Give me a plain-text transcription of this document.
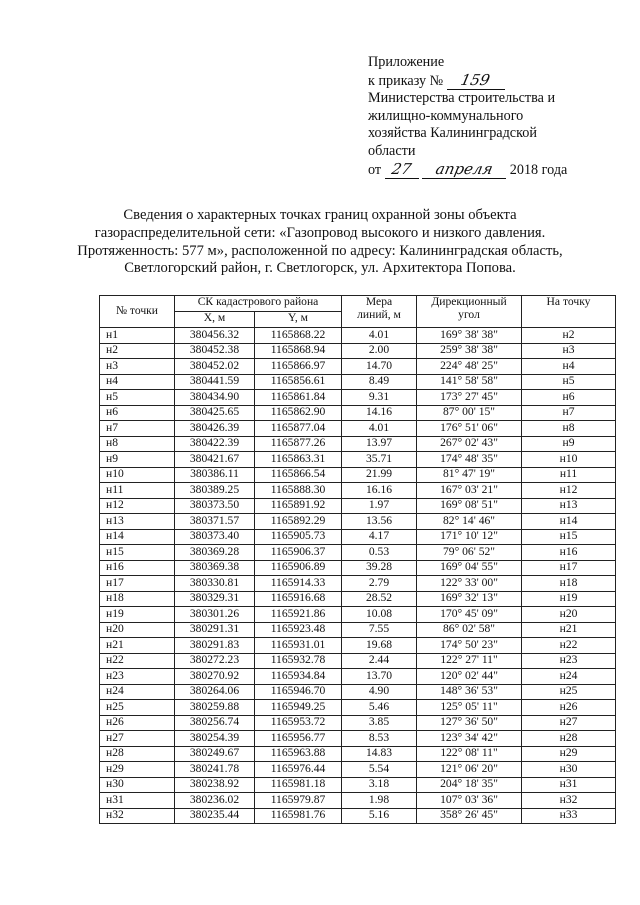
Приложение
к приказу № 159
Министерства строительства и
жилищно-коммунального
хозяйства Калининградской
области
от 27 апреля 2018 года
Сведения о характерных точках границ охранной зоны объекта
газораспределительной сети: «Газопровод высокого и низкого давления.
Протяженность: 577 м», расположенной по адресу: Калининградская область,
Светлогорский район, г. Светлогорск, ул. Архитектора Попова.
№ точки	СК кадастрового района		Мера
линий, м	Дирекционный
угол	На точку
	X, м	Y, м			
н1	380456.32	1165868.22	4.01	169° 38' 38"	н2
н2	380452.38	1165868.94	2.00	259° 38' 38"	н3
н3	380452.02	1165866.97	14.70	224° 48' 25"	н4
н4	380441.59	1165856.61	8.49	141° 58' 58"	н5
н5	380434.90	1165861.84	9.31	173° 27' 45"	н6
н6	380425.65	1165862.90	14.16	87° 00' 15"	н7
н7	380426.39	1165877.04	4.01	176° 51' 06"	н8
н8	380422.39	1165877.26	13.97	267° 02' 43"	н9
н9	380421.67	1165863.31	35.71	174° 48' 35"	н10
н10	380386.11	1165866.54	21.99	81° 47' 19"	н11
н11	380389.25	1165888.30	16.16	167° 03' 21"	н12
н12	380373.50	1165891.92	1.97	169° 08' 51"	н13
н13	380371.57	1165892.29	13.56	82° 14' 46"	н14
н14	380373.40	1165905.73	4.17	171° 10' 12"	н15
н15	380369.28	1165906.37	0.53	79° 06' 52"	н16
н16	380369.38	1165906.89	39.28	169° 04' 55"	н17
н17	380330.81	1165914.33	2.79	122° 33' 00"	н18
н18	380329.31	1165916.68	28.52	169° 32' 13"	н19
н19	380301.26	1165921.86	10.08	170° 45' 09"	н20
н20	380291.31	1165923.48	7.55	86° 02' 58"	н21
н21	380291.83	1165931.01	19.68	174° 50' 23"	н22
н22	380272.23	1165932.78	2.44	122° 27' 11"	н23
н23	380270.92	1165934.84	13.70	120° 02' 44"	н24
н24	380264.06	1165946.70	4.90	148° 36' 53"	н25
н25	380259.88	1165949.25	5.46	125° 05' 11"	н26
н26	380256.74	1165953.72	3.85	127° 36' 50"	н27
н27	380254.39	1165956.77	8.53	123° 34' 42"	н28
н28	380249.67	1165963.88	14.83	122° 08' 11"	н29
н29	380241.78	1165976.44	5.54	121° 06' 20"	н30
н30	380238.92	1165981.18	3.18	204° 18' 35"	н31
н31	380236.02	1165979.87	1.98	107° 03' 36"	н32
н32	380235.44	1165981.76	5.16	358° 26' 45"	н33
